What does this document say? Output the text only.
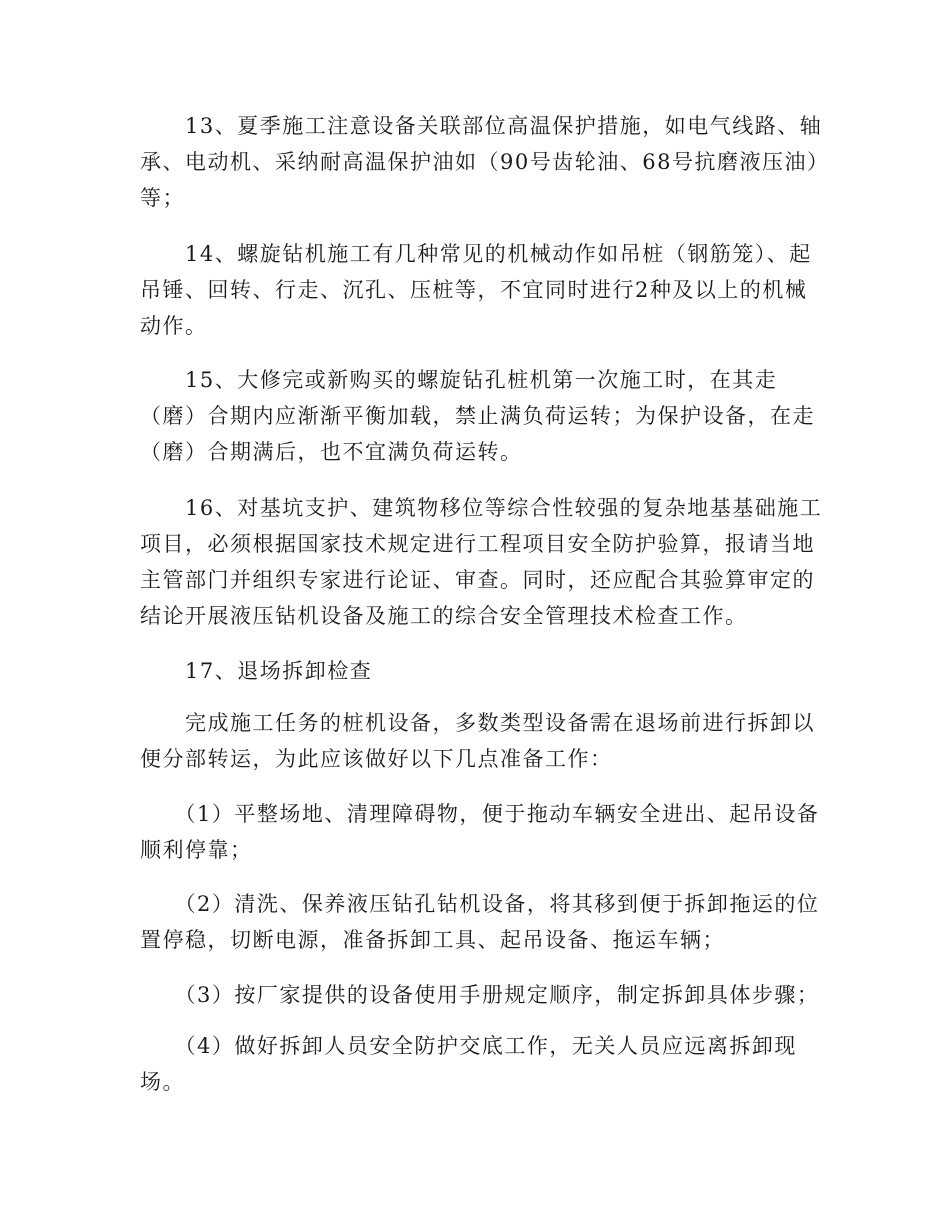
　　13、夏季施工注意设备关联部位高温保护措施，如电气线路、轴
承、电动机、采纳耐高温保护油如（90号齿轮油、68号抗磨液压油）
等；

　　14、螺旋钻机施工有几种常见的机械动作如吊桩（钢筋笼）、起
吊锤、回转、行走、沉孔、压桩等，不宜同时进行2种及以上的机械
动作。

　　15、大修完或新购买的螺旋钻孔桩机第一次施工时，在其走
（磨）合期内应渐渐平衡加载，禁止满负荷运转；为保护设备，在走
（磨）合期满后，也不宜满负荷运转。

　　16、对基坑支护、建筑物移位等综合性较强的复杂地基基础施工
项目，必须根据国家技术规定进行工程项目安全防护验算，报请当地
主管部门并组织专家进行论证、审查。同时，还应配合其验算审定的
结论开展液压钻机设备及施工的综合安全管理技术检查工作。

　　17、退场拆卸检查

　　完成施工任务的桩机设备，多数类型设备需在退场前进行拆卸以
便分部转运，为此应该做好以下几点准备工作：

　　（1）平整场地、清理障碍物，便于拖动车辆安全进出、起吊设备
顺利停靠；

　　（2）清洗、保养液压钻孔钻机设备，将其移到便于拆卸拖运的位
置停稳，切断电源，准备拆卸工具、起吊设备、拖运车辆；

　　（3）按厂家提供的设备使用手册规定顺序，制定拆卸具体步骤；

　　（4）做好拆卸人员安全防护交底工作，无关人员应远离拆卸现
场。
